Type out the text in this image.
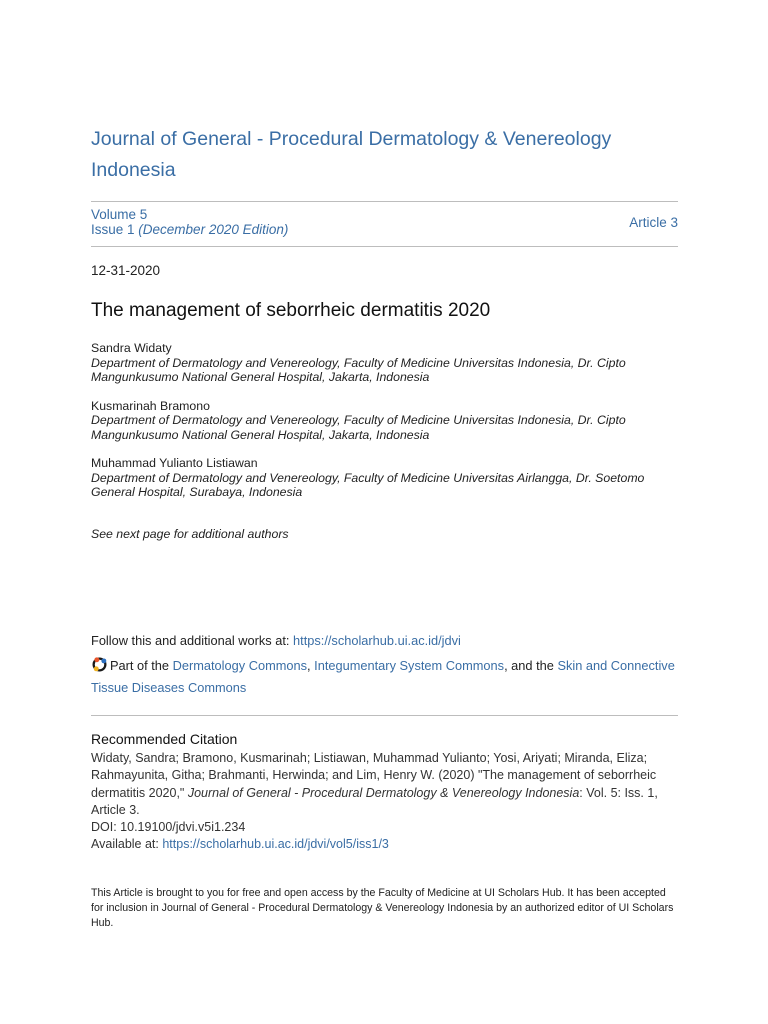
Journal of General - Procedural Dermatology & Venereology Indonesia
Volume 5
Issue 1 (December 2020 Edition)	Article 3
12-31-2020
The management of seborrheic dermatitis 2020
Sandra Widaty
Department of Dermatology and Venereology, Faculty of Medicine Universitas Indonesia, Dr. Cipto Mangunkusumo National General Hospital, Jakarta, Indonesia
Kusmarinah Bramono
Department of Dermatology and Venereology, Faculty of Medicine Universitas Indonesia, Dr. Cipto Mangunkusumo National General Hospital, Jakarta, Indonesia
Muhammad Yulianto Listiawan
Department of Dermatology and Venereology, Faculty of Medicine Universitas Airlangga, Dr. Soetomo General Hospital, Surabaya, Indonesia
See next page for additional authors
Follow this and additional works at: https://scholarhub.ui.ac.id/jdvi
Part of the Dermatology Commons, Integumentary System Commons, and the Skin and Connective Tissue Diseases Commons
Recommended Citation
Widaty, Sandra; Bramono, Kusmarinah; Listiawan, Muhammad Yulianto; Yosi, Ariyati; Miranda, Eliza; Rahmayunita, Githa; Brahmanti, Herwinda; and Lim, Henry W. (2020) "The management of seborrheic dermatitis 2020," Journal of General - Procedural Dermatology & Venereology Indonesia: Vol. 5: Iss. 1, Article 3.
DOI: 10.19100/jdvi.v5i1.234
Available at: https://scholarhub.ui.ac.id/jdvi/vol5/iss1/3
This Article is brought to you for free and open access by the Faculty of Medicine at UI Scholars Hub. It has been accepted for inclusion in Journal of General - Procedural Dermatology & Venereology Indonesia by an authorized editor of UI Scholars Hub.
